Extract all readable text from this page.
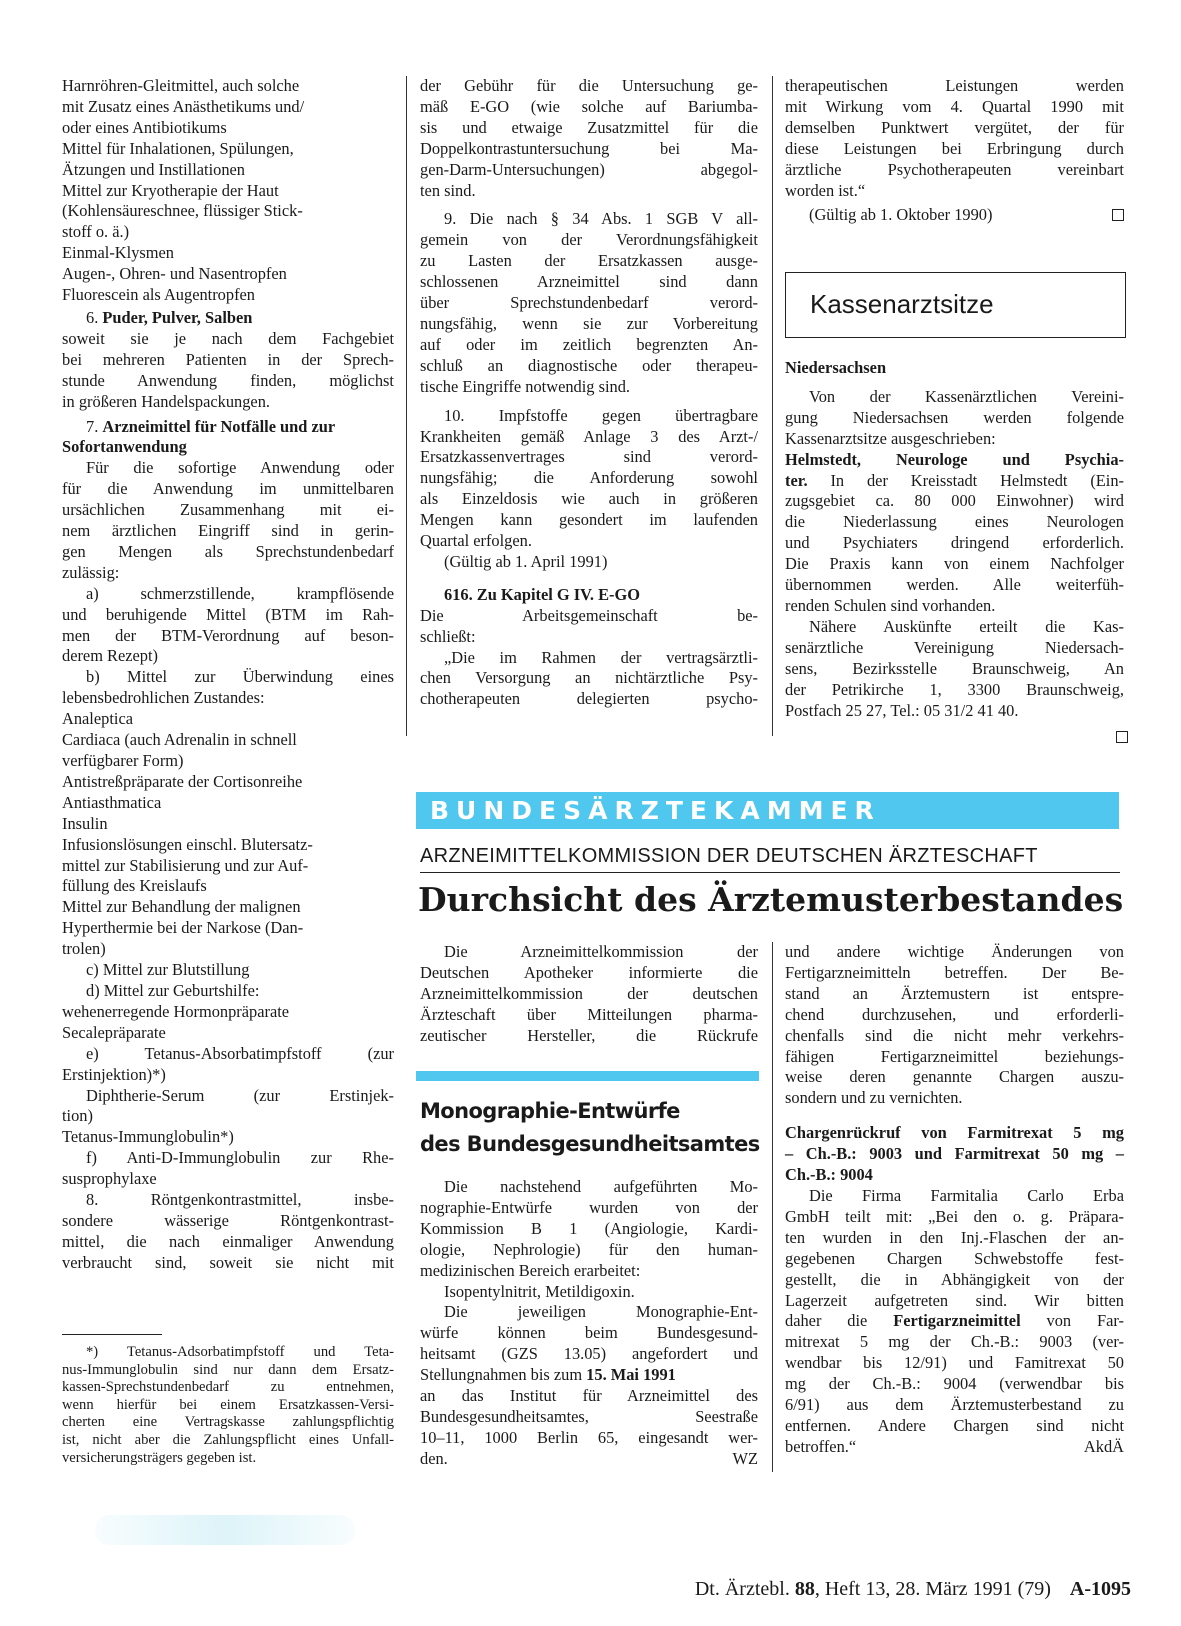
Harnröhren-Gleitmittel, auch solche
mit Zusatz eines Anästhetikums und/
oder eines Antibiotikums
Mittel für Inhalationen, Spülungen,
Ätzungen und Instillationen
Mittel zur Kryotherapie der Haut
(Kohlensäureschnee, flüssiger Stick-
stoff o. ä.)
Einmal-Klysmen
Augen-, Ohren- und Nasentropfen
Fluorescein als Augentropfen

6. Puder, Pulver, Salben

soweit sie je nach dem Fachgebiet
bei mehreren Patienten in der Sprech-
stunde Anwendung finden, möglichst
in größeren Handelspackungen.

7. Arzneimittel für Notfälle und zur

Sofortanwendung

Für die sofortige Anwendung oder
für die Anwendung im unmittelbaren
ursächlichen Zusammenhang mit ei-
nem ärztlichen Eingriff sind in gerin-
gen Mengen als Sprechstundenbedarf
zulässig:
a) schmerzstillende, krampflösende
und beruhigende Mittel (BTM im Rah-
men der BTM-Verordnung auf beson-
derem Rezept)
b) Mittel zur Überwindung eines
lebensbedrohlichen Zustandes:
Analeptica
Cardiaca (auch Adrenalin in schnell
verfügbarer Form)
Antistreßpräparate der Cortisonreihe
Antiasthmatica
Insulin
Infusionslösungen einschl. Blutersatz-
mittel zur Stabilisierung und zur Auf-
füllung des Kreislaufs
Mittel zur Behandlung der malignen
Hyperthermie bei der Narkose (Dan-
trolen)

c) Mittel zur Blutstillung

d) Mittel zur Geburtshilfe:

wehenerregende Hormonpräparate
Secalepräparate
e) Tetanus-Absorbatimpfstoff (zur
Erstinjektion)*)
Diphtherie-Serum (zur Erstinjek-
tion)

Tetanus-Immunglobulin*)

f) Anti-D-Immunglobulin zur Rhe-
susprophylaxe
8. Röntgenkontrastmittel, insbe-
sondere wässerige Röntgenkontrast-
mittel, die nach einmaliger Anwendung
verbraucht sind, soweit sie nicht mit
*) Tetanus-Adsorbatimpfstoff und Teta-
nus-Immunglobulin sind nur dann dem Ersatz-
kassen-Sprechstundenbedarf zu entnehmen,
wenn hierfür bei einem Ersatzkassen-Versi-
cherten eine Vertragskasse zahlungspflichtig
ist, nicht aber die Zahlungspflicht eines Unfall-
versicherungsträgers gegeben ist.
der Gebühr für die Untersuchung ge-
mäß E-GO (wie solche auf Bariumba-
sis und etwaige Zusatzmittel für die
Doppelkontrastuntersuchung bei Ma-
gen-Darm-Untersuchungen) abgegol-
ten sind.
9. Die nach § 34 Abs. 1 SGB V all-
gemein von der Verordnungsfähigkeit
zu Lasten der Ersatzkassen ausge-
schlossenen Arzneimittel sind dann
über Sprechstundenbedarf verord-
nungsfähig, wenn sie zur Vorbereitung
auf oder im zeitlich begrenzten An-
schluß an diagnostische oder therapeu-
tische Eingriffe notwendig sind.
10. Impfstoffe gegen übertragbare
Krankheiten gemäß Anlage 3 des Arzt-/
Ersatzkassenvertrages sind verord-
nungsfähig; die Anforderung sowohl
als Einzeldosis wie auch in größeren
Mengen kann gesondert im laufenden
Quartal erfolgen.

(Gültig ab 1. April 1991)

616. Zu Kapitel G IV. E-GO

Die Arbeitsgemeinschaft be-
schließt:
„Die im Rahmen der vertragsärztli-
chen Versorgung an nichtärztliche Psy-
chotherapeuten delegierten psycho-
therapeutischen Leistungen werden
mit Wirkung vom 4. Quartal 1990 mit
demselben Punktwert vergütet, der für
diese Leistungen bei Erbringung durch
ärztliche Psychotherapeuten vereinbart
worden ist.“

(Gültig ab 1. Oktober 1990)

Kassenarztsitze

Niedersachsen

Von der Kassenärztlichen Vereini-
gung Niedersachsen werden folgende
Kassenarztsitze ausgeschrieben:

Helmstedt, Neurologe und Psychia-

ter. In der Kreisstadt Helmstedt (Ein-

zugsgebiet ca. 80 000 Einwohner) wird
die Niederlassung eines Neurologen
und Psychiaters dringend erforderlich.
Die Praxis kann von einem Nachfolger
übernommen werden. Alle weiterfüh-
renden Schulen sind vorhanden.
Nähere Auskünfte erteilt die Kas-
senärztliche Vereinigung Niedersach-
sens, Bezirksstelle Braunschweig, An
der Petrikirche 1, 3300 Braunschweig,
Postfach 25 27, Tel.: 05 31/2 41 40.
BUNDESÄRZTEKAMMER
ARZNEIMITTELKOMMISSION DER DEUTSCHEN ÄRZTESCHAFT
Durchsicht des Ärztemusterbestandes
Die Arzneimittelkommission der
Deutschen Apotheker informierte die
Arzneimittelkommission der deutschen
Ärzteschaft über Mitteilungen pharma-
zeutischer Hersteller, die Rückrufe
Monographie-Entwürfe
des Bundesgesundheitsamtes
Die nachstehend aufgeführten Mo-
nographie-Entwürfe wurden von der
Kommission B 1 (Angiologie, Kardi-
ologie, Nephrologie) für den human-
medizinischen Bereich erarbeitet:

Isopentylnitrit, Metildigoxin.

Die jeweiligen Monographie-Ent-
würfe können beim Bundesgesund-
heitsamt (GZS 13.05) angefordert und

Stellungnahmen bis zum 15. Mai 1991

an das Institut für Arzneimittel des
Bundesgesundheitsamtes, Seestraße
10–11, 1000 Berlin 65, eingesandt wer-

den.	WZ

und andere wichtige Änderungen von
Fertigarzneimitteln betreffen. Der Be-
stand an Ärztemustern ist entspre-
chend durchzusehen, und erforderli-
chenfalls sind die nicht mehr verkehrs-
fähigen Fertigarzneimittel beziehungs-
weise deren genannte Chargen auszu-
sondern und zu vernichten.
Chargenrückruf von Farmitrexat 5 mg
– Ch.-B.: 9003 und Farmitrexat 50 mg –
Ch.-B.: 9004
Die Firma Farmitalia Carlo Erba
GmbH teilt mit: „Bei den o. g. Präpara-
ten wurden in den Inj.-Flaschen der an-
gegebenen Chargen Schwebstoffe fest-
gestellt, die in Abhängigkeit von der
Lagerzeit aufgetreten sind. Wir bitten

daher die Fertigarzneimittel von Far-

mitrexat 5 mg der Ch.-B.: 9003 (ver-
wendbar bis 12/91) und Famitrexat 50
mg der Ch.-B.: 9004 (verwendbar bis
6/91) aus dem Ärztemusterbestand zu
entfernen. Andere Chargen sind nicht

betroffen.“	AkdÄ

Dt. Ärztebl. 88, Heft 13, 28. März 1991 (79) A-1095
